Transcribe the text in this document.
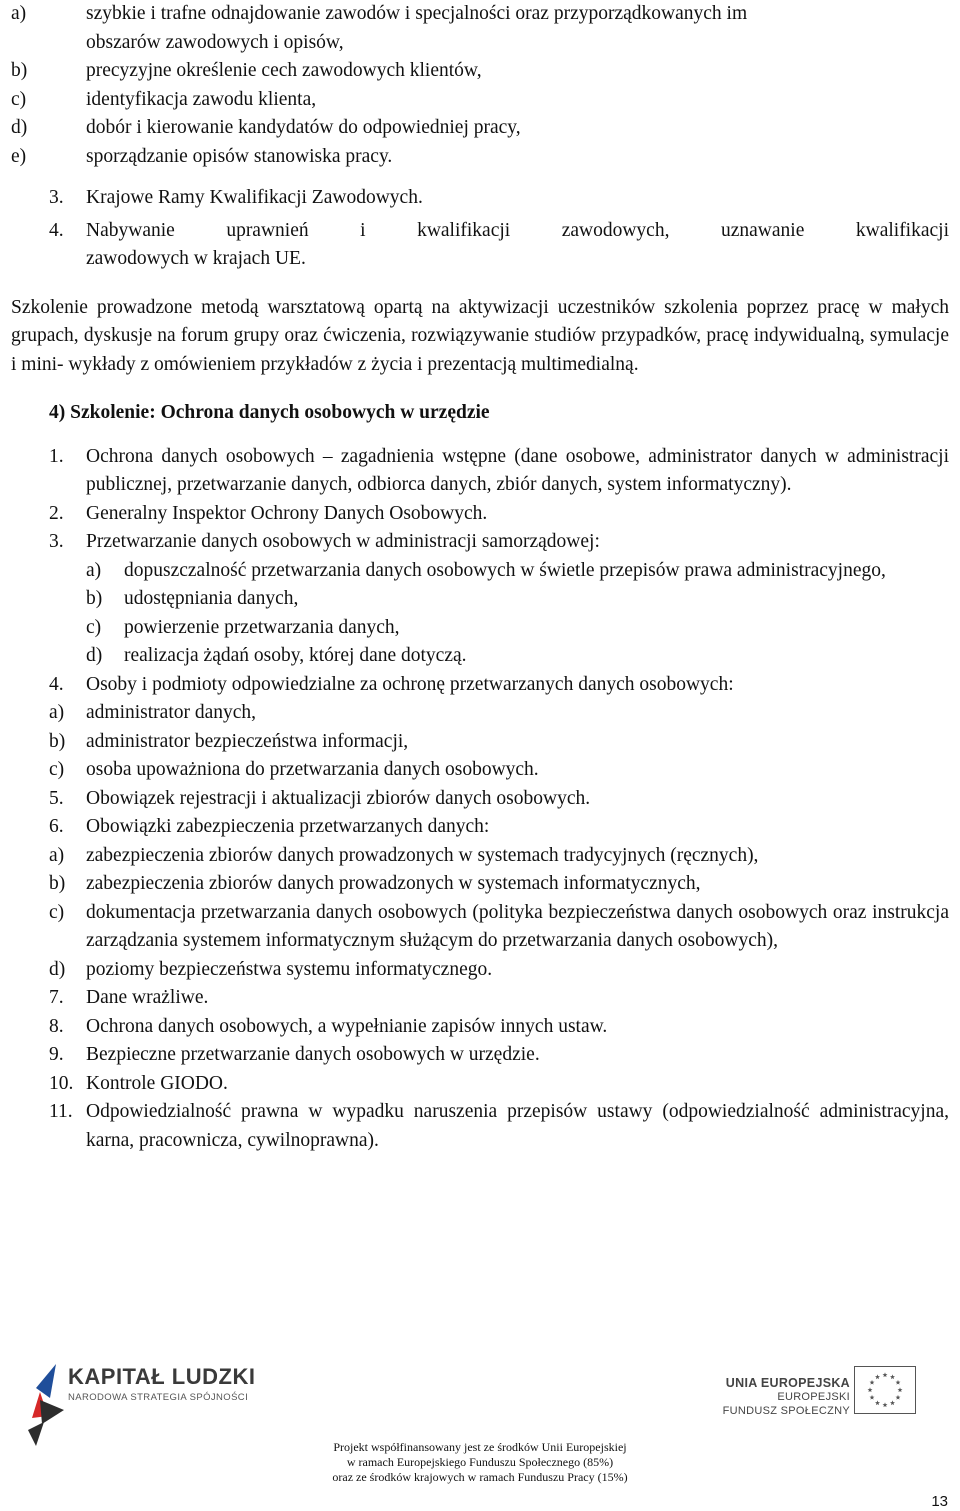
a)	szybkie i trafne odnajdowanie zawodów i specjalności oraz przyporządkowanych im
obszarów zawodowych i opisów,
b)	precyzyjne określenie cech zawodowych klientów,
c)	identyfikacja zawodu klienta,
d)	dobór i kierowanie kandydatów do odpowiedniej pracy,
e)	sporządzanie opisów stanowiska pracy.
3.	Krajowe Ramy Kwalifikacji Zawodowych.
4.	Nabywanie uprawnień i kwalifikacji zawodowych, uznawanie kwalifikacji
zawodowych w krajach UE.
Szkolenie prowadzone metodą warsztatową opartą na aktywizacji uczestników szkolenia poprzez pracę w małych grupach, dyskusje na forum grupy oraz ćwiczenia, rozwiązywanie studiów przypadków, pracę indywidualną, symulacje i mini- wykłady z omówieniem przykładów z życia i prezentacją multimedialną.
4) Szkolenie: Ochrona danych osobowych w urzędzie
1.	Ochrona danych osobowych – zagadnienia wstępne (dane osobowe, administrator danych w administracji publicznej, przetwarzanie danych, odbiorca danych, zbiór danych, system informatyczny).
2.	Generalny Inspektor Ochrony Danych Osobowych.
3.	Przetwarzanie danych osobowych w administracji samorządowej:
a)	dopuszczalność przetwarzania danych osobowych w świetle przepisów prawa administracyjnego,
b)	udostępniania danych,
c)	powierzenie przetwarzania danych,
d)	realizacja żądań osoby, której dane dotyczą.
4.	Osoby i podmioty odpowiedzialne za ochronę przetwarzanych danych osobowych:
a)	administrator danych,
b)	administrator bezpieczeństwa informacji,
c)	osoba upoważniona do przetwarzania danych osobowych.
5.	Obowiązek rejestracji i aktualizacji zbiorów danych osobowych.
6.	Obowiązki zabezpieczenia przetwarzanych danych:
a)	zabezpieczenia zbiorów danych prowadzonych w systemach tradycyjnych (ręcznych),
b)	zabezpieczenia zbiorów danych prowadzonych w systemach informatycznych,
c)	dokumentacja przetwarzania danych osobowych (polityka bezpieczeństwa danych osobowych oraz instrukcja zarządzania systemem informatycznym służącym do przetwarzania danych osobowych),
d)	poziomy bezpieczeństwa systemu informatycznego.
7.	Dane wrażliwe.
8.	Ochrona danych osobowych, a wypełnianie zapisów innych ustaw.
9.	Bezpieczne przetwarzanie danych osobowych w urzędzie.
10. Kontrole GIODO.
11. Odpowiedzialność prawna w wypadku naruszenia przepisów ustawy (odpowiedzialność administracyjna, karna, pracownicza, cywilnoprawna).
KAPITAŁ LUDZKI
NARODOWA STRATEGIA SPÓJNOŚCI
UNIA EUROPEJSKA
EUROPEJSKI
FUNDUSZ SPOŁECZNY
Projekt współfinansowany jest ze środków Unii Europejskiej
w ramach Europejskiego Funduszu Społecznego (85%)
oraz ze środków krajowych w ramach Funduszu Pracy (15%)
13
